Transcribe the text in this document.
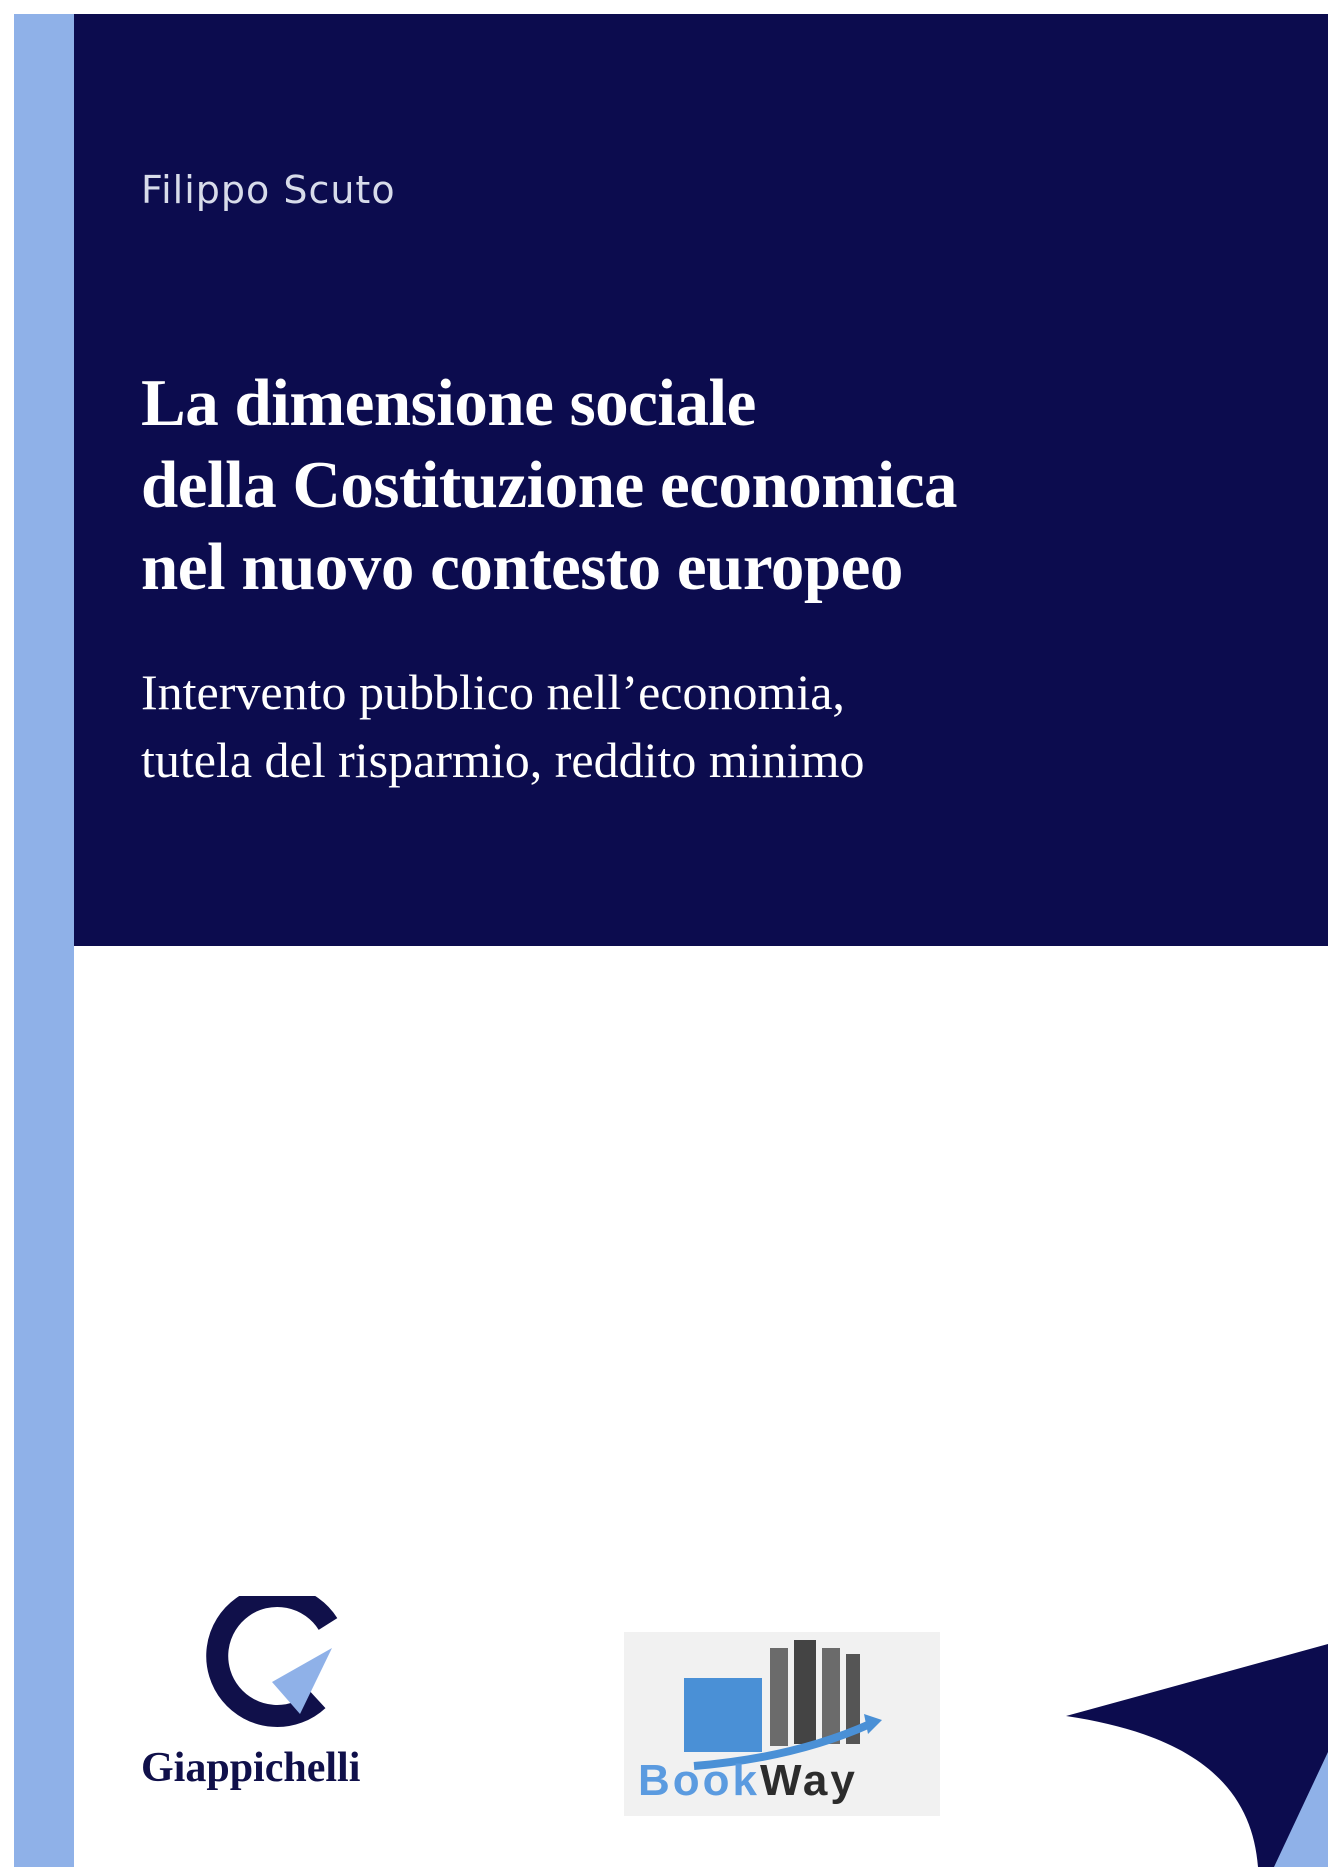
Filippo Scuto
La dimensione sociale
della Costituzione economica
nel nuovo contesto europeo
Intervento pubblico nell’economia,
tutela del risparmio, reddito minimo
Giappichelli	BookWay
